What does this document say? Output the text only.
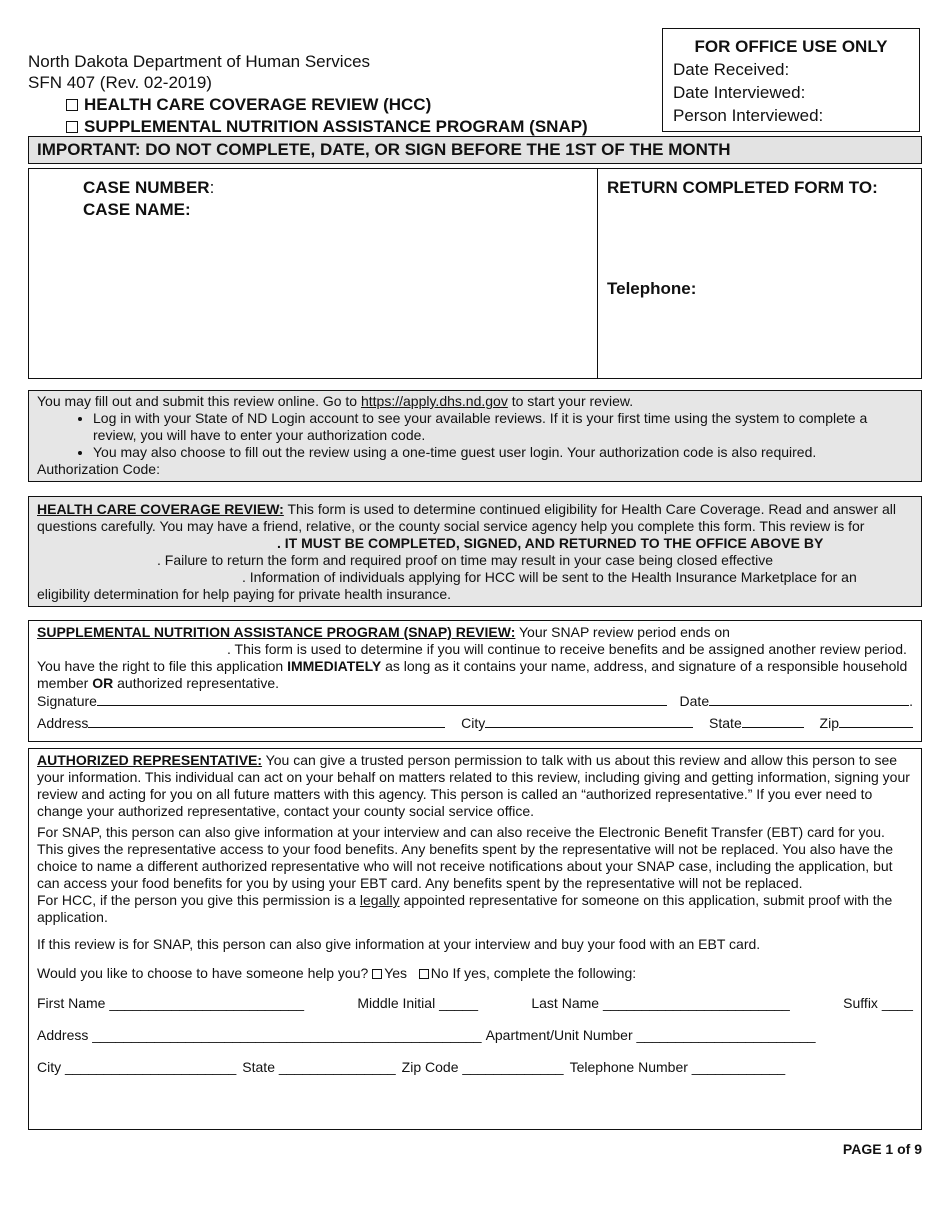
North Dakota Department of Human Services
SFN 407 (Rev. 02-2019)
HEALTH CARE COVERAGE REVIEW (HCC)
SUPPLEMENTAL NUTRITION ASSISTANCE PROGRAM (SNAP)
FOR OFFICE USE ONLY
Date Received:
Date Interviewed:
Person Interviewed:
IMPORTANT: DO NOT COMPLETE, DATE, OR SIGN BEFORE THE 1ST OF THE MONTH
CASE NUMBER:
CASE NAME:
RETURN COMPLETED FORM TO:
Telephone:
You may fill out and submit this review online. Go to https://apply.dhs.nd.gov to start your review.
• Log in with your State of ND Login account to see your available reviews. If it is your first time using the system to complete a review, you will have to enter your authorization code.
• You may also choose to fill out the review using a one-time guest user login. Your authorization code is also required.
Authorization Code:
HEALTH CARE COVERAGE REVIEW: This form is used to determine continued eligibility for Health Care Coverage. Read and answer all questions carefully. You may have a friend, relative, or the county social service agency help you complete this form. This review is for. IT MUST BE COMPLETED, SIGNED, AND RETURNED TO THE OFFICE ABOVE BY. Failure to return the form and required proof on time may result in your case being closed effective. Information of individuals applying for HCC will be sent to the Health Insurance Marketplace for an eligibility determination for help paying for private health insurance.
SUPPLEMENTAL NUTRITION ASSISTANCE PROGRAM (SNAP) REVIEW: Your SNAP review period ends on. This form is used to determine if you will continue to receive benefits and be assigned another review period. You have the right to file this application IMMEDIATELY as long as it contains your name, address, and signature of a responsible household member OR authorized representative.
Signature	Date	.
Address	City	State	Zip

AUTHORIZED REPRESENTATIVE: You can give a trusted person permission to talk with us about this review and allow this person to see your information. This individual can act on your behalf on matters related to this review, including giving and getting information, signing your review and acting for you on all future matters with this agency. This person is called an “authorized representative.” If you ever need to change your authorized representative, contact your county social service office.

For SNAP, this person can also give information at your interview and can also receive the Electronic Benefit Transfer (EBT) card for you. This gives the representative access to your food benefits. Any benefits spent by the representative will not be replaced. You also have the choice to name a different authorized representative who will not receive notifications about your SNAP case, including the application, but can access your food benefits for you by using your EBT card. Any benefits spent by the representative will not be replaced.

For HCC, if the person you give this permission is a legally appointed representative for someone on this application, submit proof with the application.

If this review is for SNAP, this person can also give information at your interview and buy your food with an EBT card.

Would you like to choose to have someone help you? Yes No If yes, complete the following:

First Name _________________________	Middle Initial _____	Last Name ________________________	Suffix ____
Address __________________________________________________ Apartment/Unit Number _______________________
City ______________________ State _______________ Zip Code _____________ Telephone Number ____________
PAGE 1 of 9
